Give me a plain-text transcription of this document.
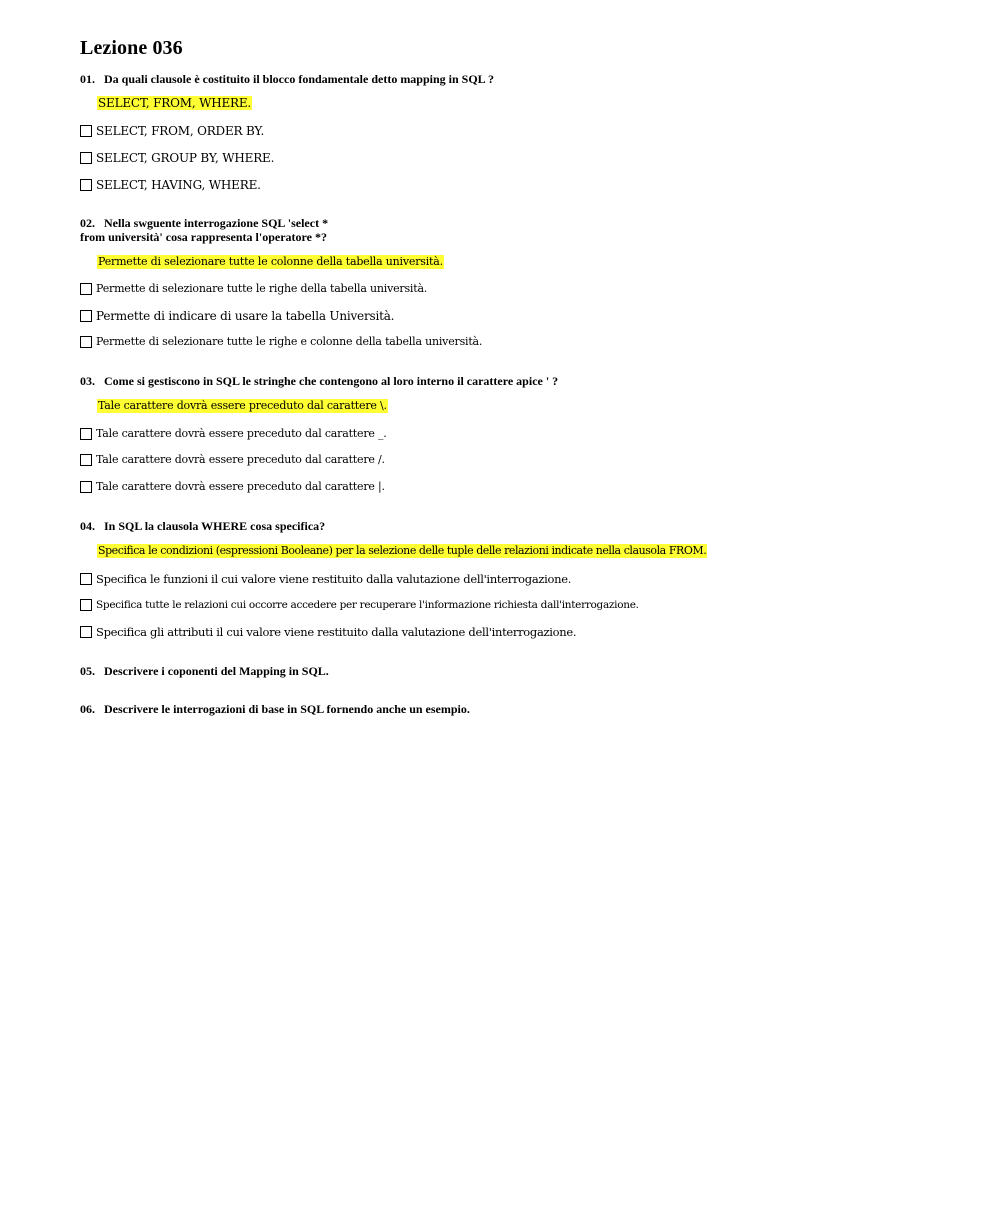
Lezione 036
01. Da quali clausole è costituito il blocco fondamentale detto mapping in SQL ?
SELECT, FROM, WHERE.
SELECT, FROM, ORDER BY.
SELECT, GROUP BY, WHERE.
SELECT, HAVING, WHERE.
02. Nella swguente interrogazione SQL 'select *
from università' cosa rappresenta l'operatore *?
Permette di selezionare tutte le colonne della tabella università.
Permette di selezionare tutte le righe della tabella università.
Permette di indicare di usare la tabella Università.
Permette di selezionare tutte le righe e colonne della tabella università.
03. Come si gestiscono in SQL le stringhe che contengono al loro interno il carattere apice ' ?
Tale carattere dovrà essere preceduto dal carattere \.
Tale carattere dovrà essere preceduto dal carattere _.
Tale carattere dovrà essere preceduto dal carattere /.
Tale carattere dovrà essere preceduto dal carattere |.
04. In SQL la clausola WHERE cosa specifica?
Specifica le condizioni (espressioni Booleane) per la selezione delle tuple delle relazioni indicate nella clausola FROM.
Specifica le funzioni il cui valore viene restituito dalla valutazione dell'interrogazione.
Specifica tutte le relazioni cui occorre accedere per recuperare l'informazione richiesta dall'interrogazione.
Specifica gli attributi il cui valore viene restituito dalla valutazione dell'interrogazione.
05. Descrivere i coponenti del Mapping in SQL.
06. Descrivere le interrogazioni di base in SQL fornendo anche un esempio.
